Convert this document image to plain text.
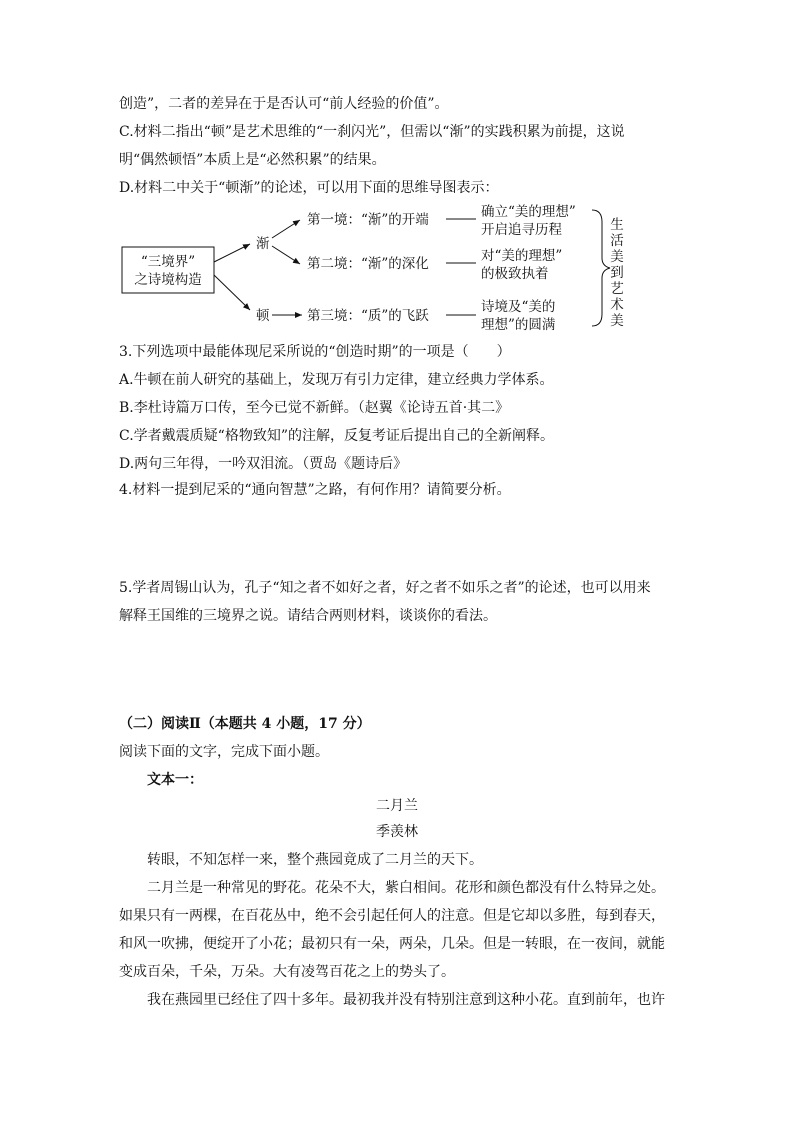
创造”，二者的差异在于是否认可“前人经验的价值”。
C.材料二指出“顿”是艺术思维的“一刹闪光”，但需以“渐”的实践积累为前提，这说
明“偶然顿悟”本质上是“必然积累”的结果。
D.材料二中关于“顿渐”的论述，可以用下面的思维导图表示：
“三境界”
之诗境构造
渐
顿
第一境：“渐”的开端
第二境：“渐”的深化
第三境：“质”的飞跃
确立“美的理想”
开启追寻历程
对“美的理想”
的极致执着
诗境及“美的
理想”的圆满
生
活
美
到
艺
术
美
3.下列选项中最能体现尼采所说的“创造时期”的一项是（　　）
A.牛顿在前人研究的基础上，发现万有引力定律，建立经典力学体系。
B.李杜诗篇万口传，至今已觉不新鲜。（赵翼《论诗五首·其二》
C.学者戴震质疑“格物致知”的注解，反复考证后提出自己的全新阐释。
D.两句三年得，一吟双泪流。（贾岛《题诗后》
4.材料一提到尼采的“通向智慧”之路，有何作用？请简要分析。
5.学者周锡山认为，孔子“知之者不如好之者，好之者不如乐之者”的论述，也可以用来
解释王国维的三境界之说。请结合两则材料，谈谈你的看法。
（二）阅读Ⅱ（本题共 4 小题，17 分）
阅读下面的文字，完成下面小题。
文本一：
二月兰
季羡林
转眼，不知怎样一来，整个燕园竟成了二月兰的天下。
二月兰是一种常见的野花。花朵不大，紫白相间。花形和颜色都没有什么特异之处。
如果只有一两棵，在百花丛中，绝不会引起任何人的注意。但是它却以多胜，每到春天，
和风一吹拂，便绽开了小花；最初只有一朵，两朵，几朵。但是一转眼，在一夜间，就能
变成百朵，千朵，万朵。大有凌驾百花之上的势头了。
我在燕园里已经住了四十多年。最初我并没有特别注意到这种小花。直到前年，也许
